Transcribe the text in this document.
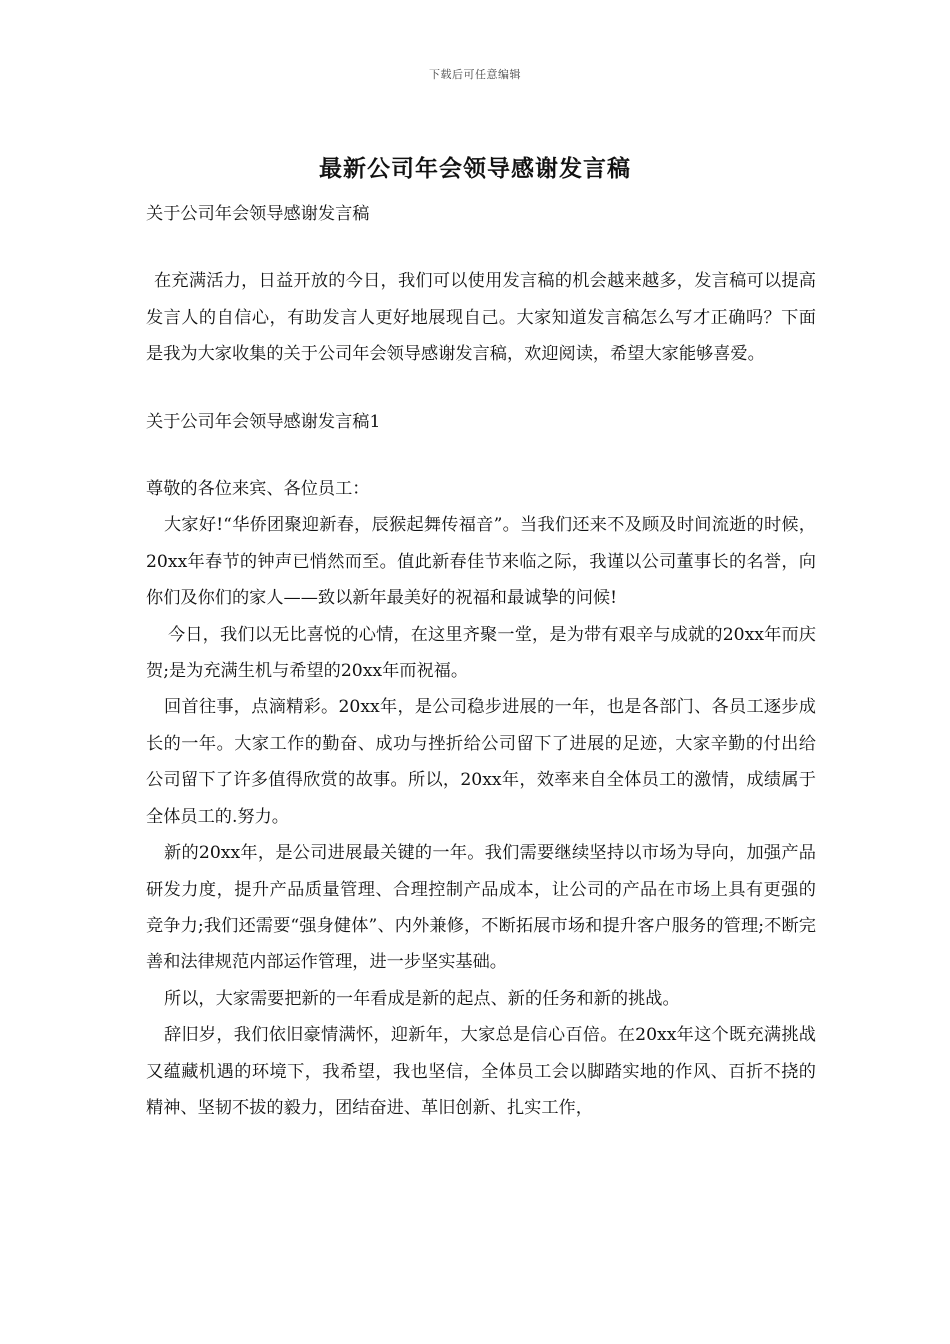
下载后可任意编辑
最新公司年会领导感谢发言稿

关于公司年会领导感谢发言稿

在充满活力，日益开放的今日，我们可以使用发言稿的机会越来越多，发言稿可以提高发言人的自信心，有助发言人更好地展现自己。大家知道发言稿怎么写才正确吗？下面是我为大家收集的关于公司年会领导感谢发言稿，欢迎阅读，希望大家能够喜爱。

关于公司年会领导感谢发言稿1

尊敬的各位来宾、各位员工：

大家好!“华侨团聚迎新春，辰猴起舞传福音”。当我们还来不及顾及时间流逝的时候，20xx年春节的钟声已悄然而至。值此新春佳节来临之际，我谨以公司董事长的名誉，向你们及你们的家人——致以新年最美好的祝福和最诚挚的问候!

今日，我们以无比喜悦的心情，在这里齐聚一堂，是为带有艰辛与成就的20xx年而庆贺;是为充满生机与希望的20xx年而祝福。

回首往事，点滴精彩。20xx年，是公司稳步进展的一年，也是各部门、各员工逐步成长的一年。大家工作的勤奋、成功与挫折给公司留下了进展的足迹，大家辛勤的付出给公司留下了许多值得欣赏的故事。所以，20xx年，效率来自全体员工的激情，成绩属于全体员工的.努力。

新的20xx年，是公司进展最关键的一年。我们需要继续坚持以市场为导向，加强产品研发力度，提升产品质量管理、合理控制产品成本，让公司的产品在市场上具有更强的竞争力;我们还需要“强身健体”、内外兼修，不断拓展市场和提升客户服务的管理;不断完善和法律规范内部运作管理，进一步坚实基础。

所以，大家需要把新的一年看成是新的起点、新的任务和新的挑战。

辞旧岁，我们依旧豪情满怀，迎新年，大家总是信心百倍。在20xx年这个既充满挑战又蕴藏机遇的环境下，我希望，我也坚信，全体员工会以脚踏实地的作风、百折不挠的精神、坚韧不拔的毅力，团结奋进、革旧创新、扎实工作，
